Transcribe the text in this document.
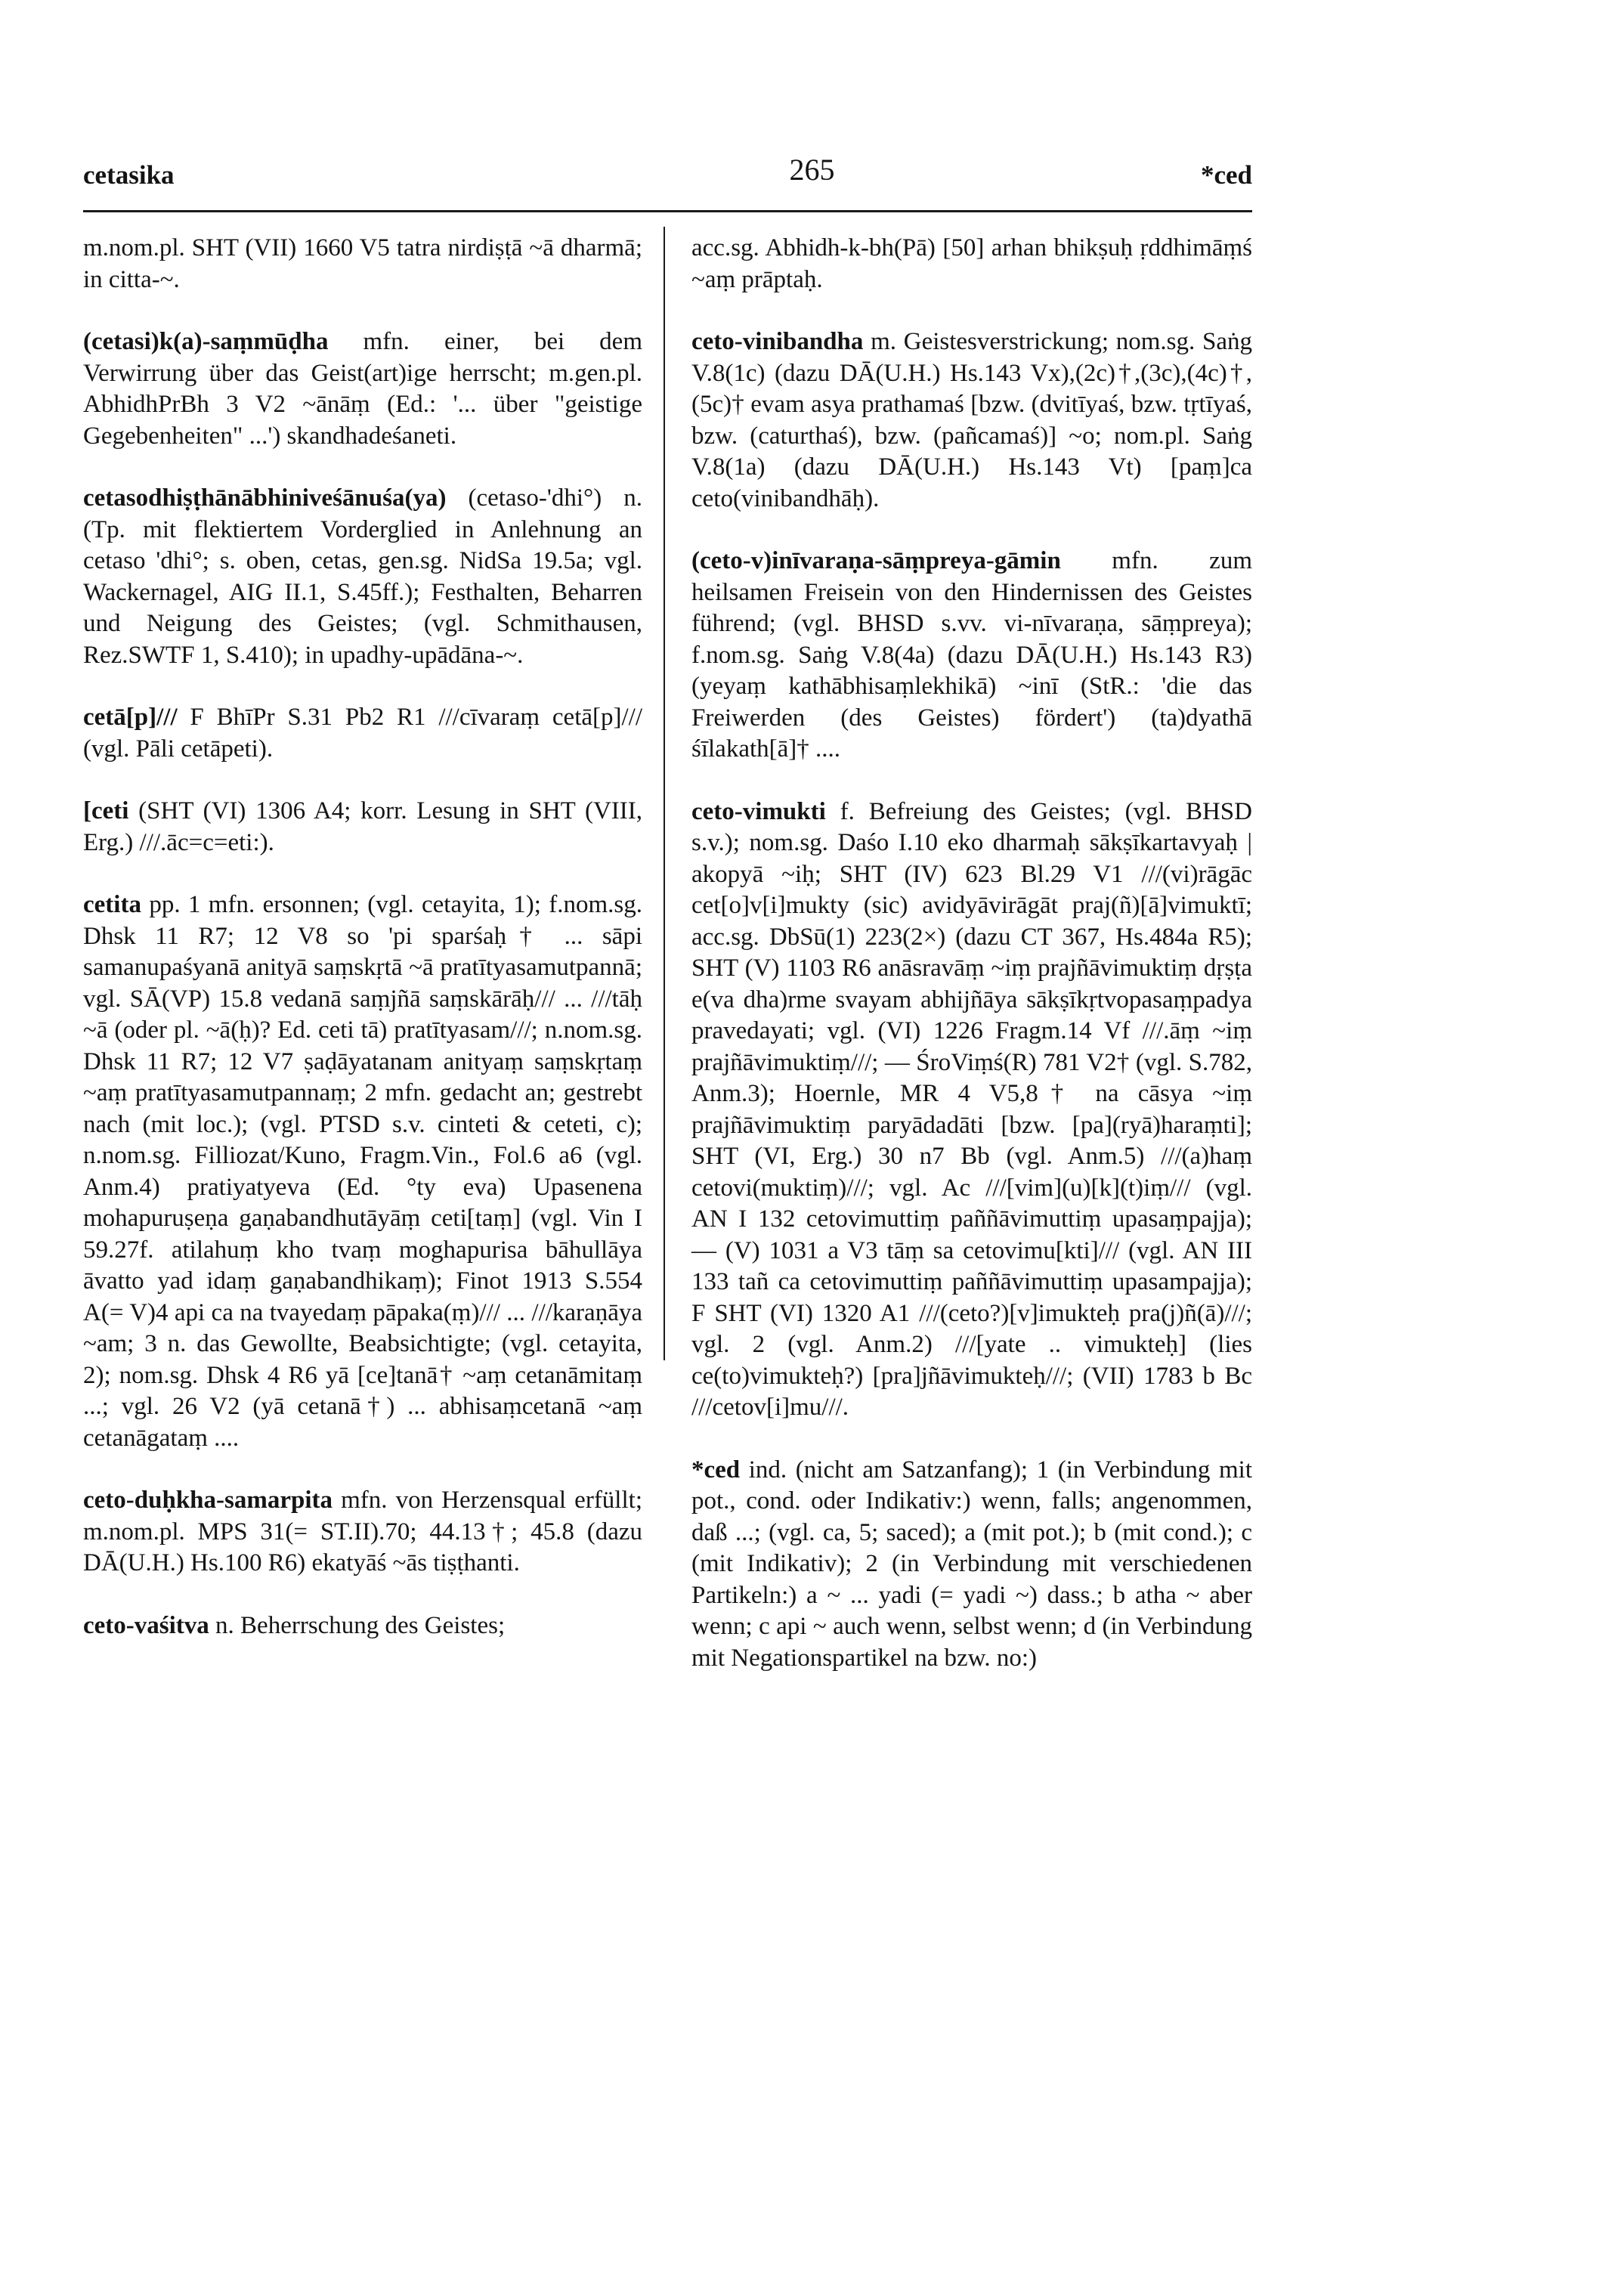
265
cetasika	*ced

m.nom.pl. SHT (VII) 1660 V5 tatra nirdiṣṭā ~ā dharmā; in citta-~.

(cetasi)k(a)-saṃmūḍha mfn. einer, bei dem Verwirrung über das Geist(art)ige herrscht; m.gen.pl. AbhidhPrBh 3 V2 ~ānāṃ (Ed.: '... über "geistige Gegebenheiten" ...') skandhadeśaneti.

cetasodhiṣṭhānābhiniveśānuśa(ya) (cetaso-'dhi°) n. (Tp. mit flektiertem Vorderglied in Anlehnung an cetaso 'dhi°; s. oben, cetas, gen.sg. NidSa 19.5a; vgl. Wackernagel, AIG II.1, S.45ff.); Festhalten, Beharren und Neigung des Geistes; (vgl. Schmithausen, Rez.SWTF 1, S.410); in upadhy-upādāna-~.

cetā[p]/// F BhīPr S.31 Pb2 R1 ///cīvaraṃ cetā[p]/// (vgl. Pāli cetāpeti).

[ceti (SHT (VI) 1306 A4; korr. Lesung in SHT (VIII, Erg.) ///.āc=c=eti:).

cetita pp. 1 mfn. ersonnen; (vgl. cetayita, 1); f.nom.sg. Dhsk 11 R7; 12 V8 so 'pi sparśaḥ† ... sāpi samanupaśyanā anityā saṃskṛtā ~ā pratītyasamutpannā; vgl. SĀ(VP) 15.8 vedanā saṃjñā saṃskārāḥ/// ... ///tāḥ ~ā (oder pl. ~ā(ḥ)? Ed. ceti tā) pratītyasam///; n.nom.sg. Dhsk 11 R7; 12 V7 ṣaḍāyatanam anityaṃ saṃskṛtaṃ ~aṃ pratītyasamutpannaṃ; 2 mfn. gedacht an; gestrebt nach (mit loc.); (vgl. PTSD s.v. cinteti & ceteti, c); n.nom.sg. Filliozat/Kuno, Fragm.Vin., Fol.6 a6 (vgl. Anm.4) pratiyatyeva (Ed. °ty eva) Upasenena mohapuruṣeṇa gaṇabandhutāyāṃ ceti[taṃ] (vgl. Vin I 59.27f. atilahuṃ kho tvaṃ moghapurisa bāhullāya āvatto yad idaṃ gaṇabandhikaṃ); Finot 1913 S.554 A(= V)4 api ca na tvayedaṃ pāpaka(ṃ)/// ... ///karaṇāya ~am; 3 n. das Gewollte, Beabsichtigte; (vgl. cetayita, 2); nom.sg. Dhsk 4 R6 yā [ce]tanā† ~aṃ cetanāmitaṃ ...; vgl. 26 V2 (yā cetanā†) ... abhisaṃcetanā ~aṃ cetanāgataṃ ....

ceto-duḥkha-samarpita mfn. von Herzensqual erfüllt; m.nom.pl. MPS 31(= ST.II).70; 44.13†; 45.8 (dazu DĀ(U.H.) Hs.100 R6) ekatyāś ~ās tiṣṭhanti.

ceto-vaśitva n. Beherrschung des Geistes;

acc.sg. Abhidh-k-bh(Pā) [50] arhan bhikṣuḥ ṛddhimāṃś ~aṃ prāptaḥ.

ceto-vinibandha m. Geistesverstrickung; nom.sg. Saṅg V.8(1c) (dazu DĀ(U.H.) Hs.143 Vx),(2c)†,(3c),(4c)†,(5c)† evam asya prathamaś [bzw. (dvitīyaś, bzw. tṛtīyaś, bzw. (caturthaś), bzw. (pañcamaś)] ~o; nom.pl. Saṅg V.8(1a) (dazu DĀ(U.H.) Hs.143 Vt) [paṃ]ca ceto(vinibandhāḥ).

(ceto-v)inīvaraṇa-sāṃpreya-gāmin mfn. zum heilsamen Freisein von den Hindernissen des Geistes führend; (vgl. BHSD s.vv. vi-nīvaraṇa, sāṃpreya); f.nom.sg. Saṅg V.8(4a) (dazu DĀ(U.H.) Hs.143 R3) (yeyaṃ kathābhisaṃlekhikā) ~inī (StR.: 'die das Freiwerden (des Geistes) fördert') (ta)dyathā śīlakath[ā]† ....

ceto-vimukti f. Befreiung des Geistes; (vgl. BHSD s.v.); nom.sg. Daśo I.10 eko dharmaḥ sākṣīkartavyaḥ | akopyā ~iḥ; SHT (IV) 623 Bl.29 V1 ///(vi)rāgāc cet[o]v[i]mukty (sic) avidyāvirāgāt praj(ñ)[ā]vimuktī; acc.sg. DbSū(1) 223(2×) (dazu CT 367, Hs.484a R5); SHT (V) 1103 R6 anāsravāṃ ~iṃ prajñāvimuktiṃ dṛṣṭa e(va dha)rme svayam abhijñāya sākṣīkṛtvopasaṃpadya pravedayati; vgl. (VI) 1226 Fragm.14 Vf ///.āṃ ~iṃ prajñāvimuktiṃ///; — ŚroViṃś(R) 781 V2† (vgl. S.782, Anm.3); Hoernle, MR 4 V5,8† na cāsya ~iṃ prajñāvimuktiṃ paryādadāti [bzw. [pa](ryā)haraṃti]; SHT (VI, Erg.) 30 n7 Bb (vgl. Anm.5) ///(a)haṃ cetovi(muktiṃ)///; vgl. Ac ///[vim](u)[k](t)iṃ/// (vgl. AN I 132 cetovimuttiṃ paññāvimuttiṃ upasaṃpajja); — (V) 1031 a V3 tāṃ sa cetovimu[kti]/// (vgl. AN III 133 tañ ca cetovimuttiṃ paññāvimuttiṃ upasampajja); F SHT (VI) 1320 A1 ///(ceto?)[v]imukteḥ pra(j)ñ(ā)///; vgl. 2 (vgl. Anm.2) ///[yate .. vimukteḥ] (lies ce(to)vimukteḥ?) [pra]jñāvimukteḥ///; (VII) 1783 b Bc ///cetov[i]mu///.

*ced ind. (nicht am Satzanfang); 1 (in Verbindung mit pot., cond. oder Indikativ:) wenn, falls; angenommen, daß ...; (vgl. ca, 5; saced); a (mit pot.); b (mit cond.); c (mit Indikativ); 2 (in Verbindung mit verschiedenen Partikeln:) a ~ ... yadi (= yadi ~) dass.; b atha ~ aber wenn; c api ~ auch wenn, selbst wenn; d (in Verbindung mit Negationspartikel na bzw. no:)
